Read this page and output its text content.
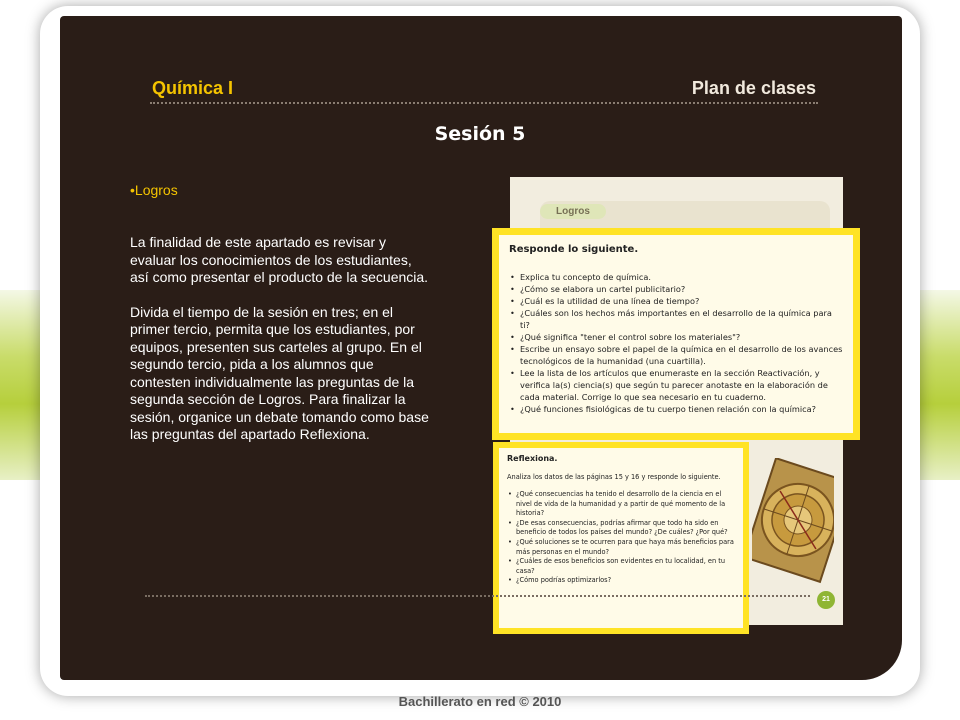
Química I	Plan de clases
Sesión 5
•Logros

La finalidad de este apartado es revisar y evaluar los conocimientos de los estudiantes, así como presentar el producto de la secuencia.

Divida el tiempo de la sesión en tres; en el primer tercio, permita que los estudiantes, por equipos, presenten sus carteles al grupo. En el segundo tercio, pida a los alumnos que contesten individualmente las preguntas de la segunda sección de Logros. Para finalizar la sesión, organice un debate tomando como base las preguntas del apartado Reflexiona.

Logros
Responde lo siguiente.
• Explica tu concepto de química.
• ¿Cómo se elabora un cartel publicitario?
• ¿Cuál es la utilidad de una línea de tiempo?
• ¿Cuáles son los hechos más importantes en el desarrollo de la química para ti?
• ¿Qué significa "tener el control sobre los materiales"?
• Escribe un ensayo sobre el papel de la química en el desarrollo de los avances tecnológicos de la humanidad (una cuartilla).
• Lee la lista de los artículos que enumeraste en la sección Reactivación, y verifica la(s) ciencia(s) que según tu parecer anotaste en la elaboración de cada material. Corrige lo que sea necesario en tu cuaderno.
• ¿Qué funciones fisiológicas de tu cuerpo tienen relación con la química?
Reflexiona.
Analiza los datos de las páginas 15 y 16 y responde lo siguiente.
• ¿Qué consecuencias ha tenido el desarrollo de la ciencia en el nivel de vida de la humanidad y a partir de qué momento de la historia?
• ¿De esas consecuencias, podrías afirmar que todo ha sido en beneficio de todos los países del mundo? ¿De cuáles? ¿Por qué?
• ¿Qué soluciones se te ocurren para que haya más beneficios para más personas en el mundo?
• ¿Cuáles de esos beneficios son evidentes en tu localidad, en tu casa?
• ¿Cómo podrías optimizarlos?
21
Bachillerato en red © 2010
